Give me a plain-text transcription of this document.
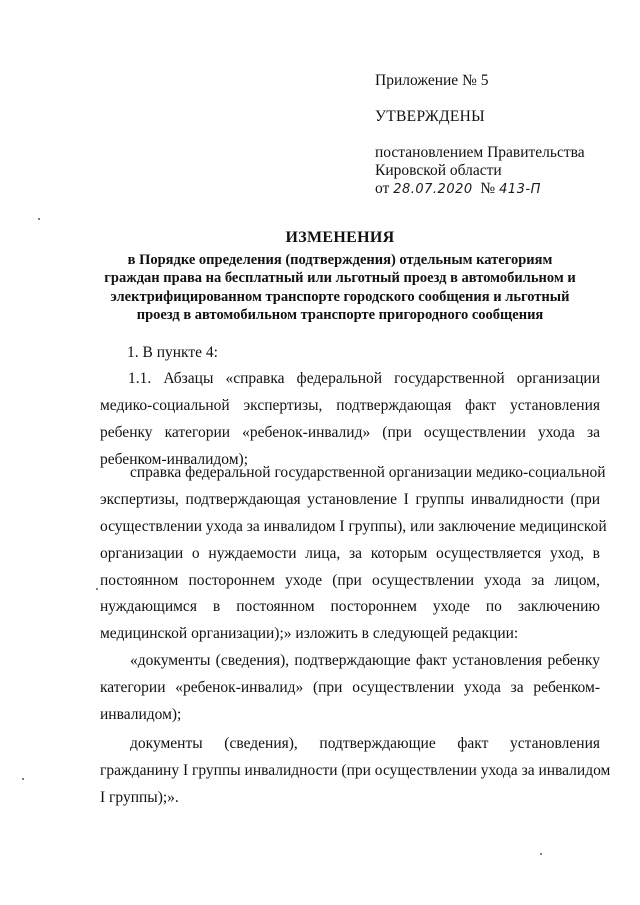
Приложение № 5
УТВЕРЖДЕНЫ
постановлением Правительства
Кировской области
от 28.07.2020 № 413-П
ИЗМЕНЕНИЯ
в Порядке определения (подтверждения) отдельным категориям
граждан права на бесплатный или льготный проезд в автомобильном и
электрифицированном транспорте городского сообщения и льготный
проезд в автомобильном транспорте пригородного сообщения
1. В пункте 4:
1.1. Абзацы «справка федеральной государственной организации
медико-социальной экспертизы, подтверждающая факт установления
ребенку категории «ребенок-инвалид» (при осуществлении ухода за
ребенком-инвалидом);
справка федеральной государственной организации медико-социальной
экспертизы, подтверждающая установление I группы инвалидности (при
осуществлении ухода за инвалидом I группы), или заключение медицинской
организации о нуждаемости лица, за которым осуществляется уход, в
постоянном постороннем уходе (при осуществлении ухода за лицом,
нуждающимся в постоянном постороннем уходе по заключению
медицинской организации);» изложить в следующей редакции:
«документы (сведения), подтверждающие факт установления ребенку
категории «ребенок-инвалид» (при осуществлении ухода за ребенком-
инвалидом);
документы (сведения), подтверждающие факт установления
гражданину I группы инвалидности (при осуществлении ухода за инвалидом
I группы);».
